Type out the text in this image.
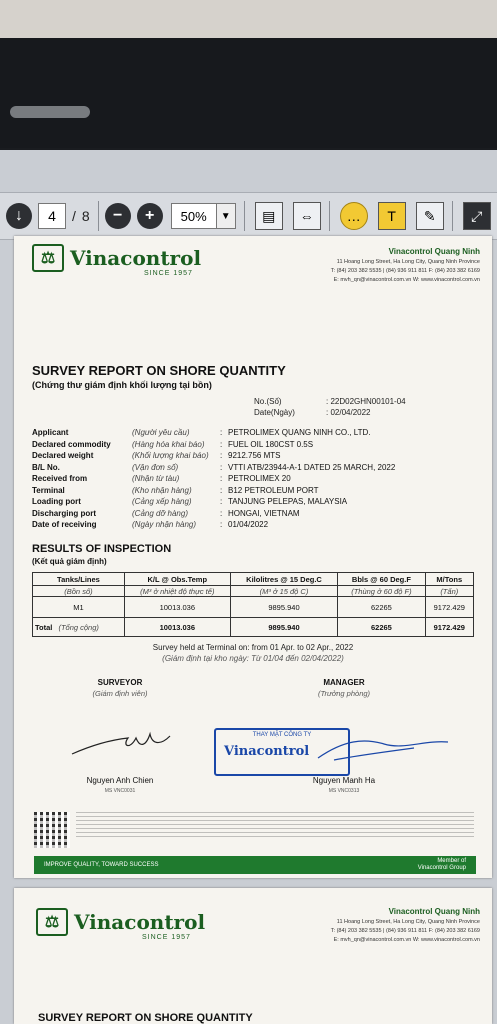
↓	4	/ 8	−	+	50%	▼	▤	⇔	…	T	✎	⤢
⚖ Vinacontrol
SINCE 1957
Vinacontrol Quang Ninh
11 Hoang Long Street, Ha Long City, Quang Ninh Province
T: (84) 203 382 5535 | (84) 936 911 811 F: (84) 203 382 6169
E: mvh_qn@vinacontrol.com.vn W: www.vinacontrol.com.vn
SURVEY REPORT ON SHORE QUANTITY
(Chứng thư giám định khối lượng tại bồn)
No.(Số)	: 22D02GHN00101-04
Date(Ngày)	: 02/04/2022
Applicant	(Người yêu cầu)	: PETROLIMEX QUANG NINH CO., LTD.
Declared commodity	(Hàng hóa khai báo) : FUEL OIL 180CST 0.5S
Declared weight	(Khối lượng khai báo) : 9212.756 MTS
B/L No.	(Vận đơn số)	: VTTI ATB/23944-A-1 DATED 25 MARCH, 2022
Received from	(Nhận từ tàu)	: PETROLIMEX 20
Terminal	(Kho nhận hàng)	: B12 PETROLEUM PORT
Loading port	(Cảng xếp hàng)	: TANJUNG PELEPAS, MALAYSIA
Discharging port	(Cảng dỡ hàng)	: HONGAI, VIETNAM
Date of receiving	(Ngày nhận hàng)	: 01/04/2022
RESULTS OF INSPECTION
(Kết quả giám định)
Tanks/Lines	K/L @ Obs.Temp	Kilolitres @ 15 Deg.C	Bbls @ 60 Deg.F	M/Tons
(Bồn số)	(M³ ở nhiệt độ thực tế)	(M³ ở 15 độ C)	(Thùng ở 60 độ F)	(Tấn)
M1	10013.036	9895.940	62265	9172.429
Total (Tổng cộng)	10013.036	9895.940	62265	9172.429
Survey held at Terminal on: from 01 Apr. to 02 Apr., 2022
(Giám định tại kho ngày: Từ 01/04 đến 02/04/2022)
SURVEYOR
(Giám định viên)
MANAGER
(Trưởng phòng)
THAY MẶT CÔNG TY
Vinacontrol
Nguyen Anh Chien
MS VNC0031
Nguyen Manh Ha
MS VNC0313
IMPROVE QUALITY, TOWARD SUCCESS
Member of
Vinacontrol Group
⚖ Vinacontrol
SINCE 1957
Vinacontrol Quang Ninh
11 Hoang Long Street, Ha Long City, Quang Ninh Province
T: (84) 203 382 5535 | (84) 936 911 811 F: (84) 203 382 6169
E: mvh_qn@vinacontrol.com.vn W: www.vinacontrol.com.vn
SURVEY REPORT ON SHORE QUANTITY
